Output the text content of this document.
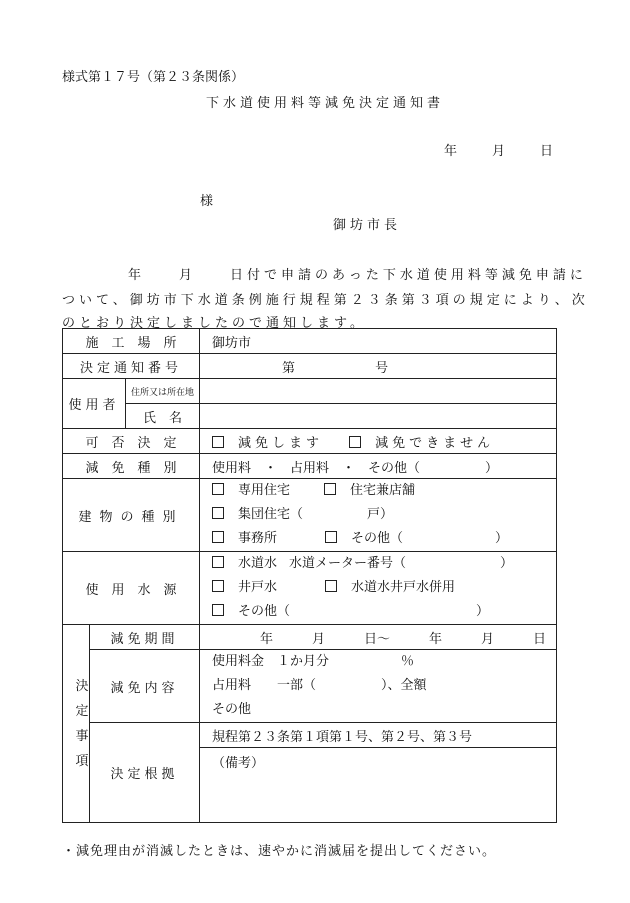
様式第１７号（第２３条関係）
下水道使用料等減免決定通知書
年	月	日
様
御坊市長
年　　月　　日付で申請のあった下水道使用料等減免申請に
ついて、御坊市下水道条例施行規程第２３条第３項の規定により、次
のとおり決定しましたので通知します。
施　工　場　所			御坊市
決定通知番号			第 号
使用者		住所又は所在地	
		氏　名	
可　否　決　定			減免します 減免できません
減　免　種　別			使用料　・　占用料　・　その他（　　　　　）
建物の種別			専用住宅 住宅兼店舗
集団住宅（ 戸）
事務所 その他（ ）

使　用　水　源			水道水 水道メーター番号（ ）
井戸水 水道水井戸水併用
その他（ ）

決定事項	減免期間		年　　　月　　　日～　　　年　　　月　　　日
	減免内容		使用料金　１か月分 ％
占用料　　一部（　　　　　）、全額
その他

	決定根拠		規程第２３条第１項第１号、第２号、第３号
			（備考）
・減免理由が消滅したときは、速やかに消滅届を提出してください。
